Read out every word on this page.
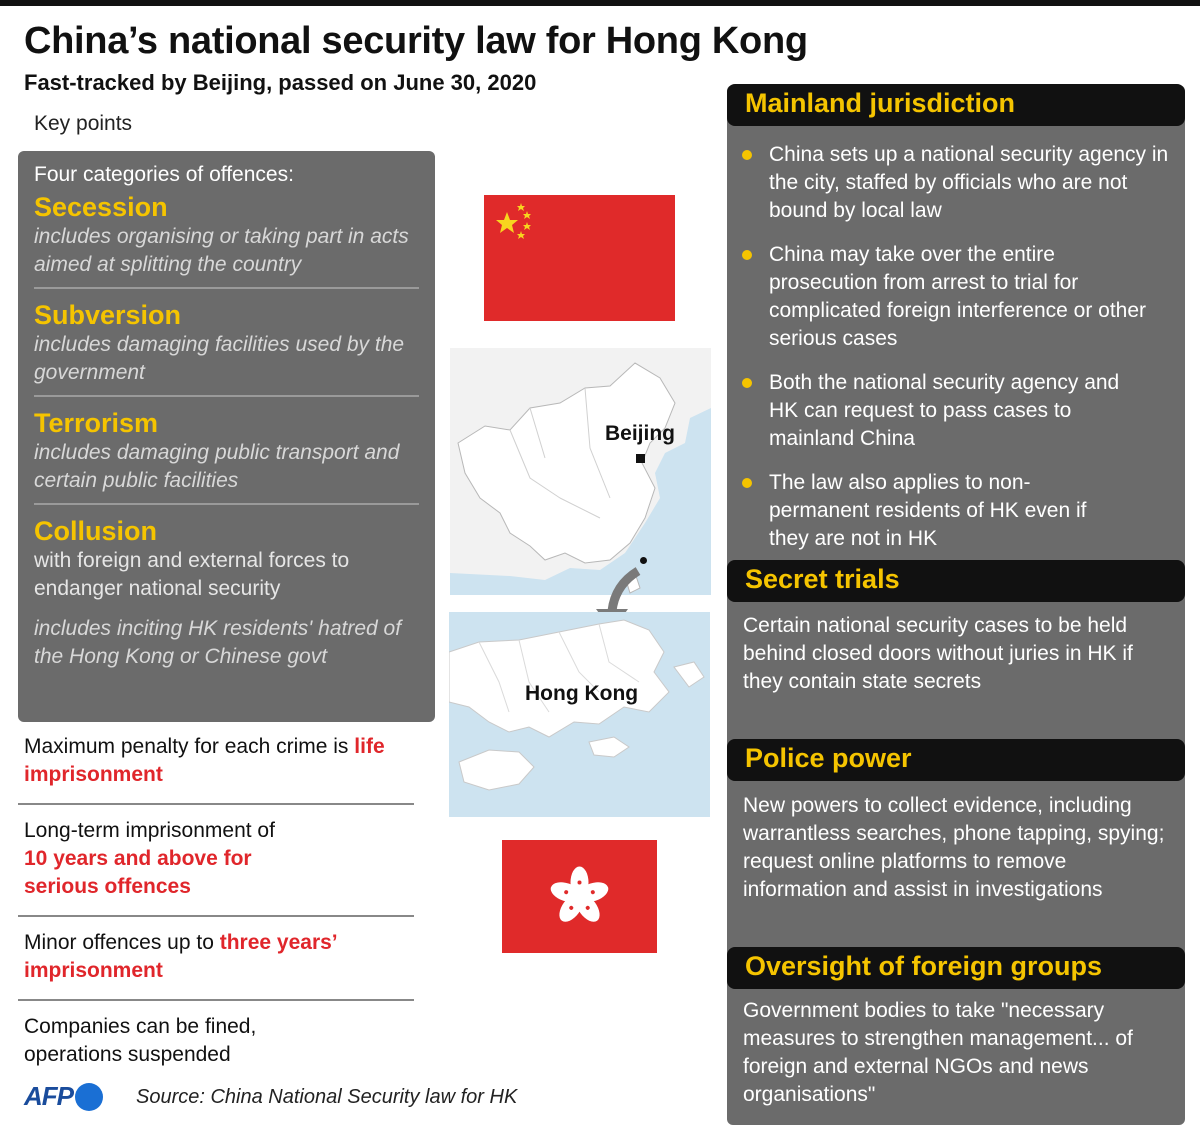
China’s national security law for Hong Kong
Fast-tracked by Beijing, passed on June 30, 2020
Key points
Four categories of offences:
Secession
includes organising or taking part in acts aimed at splitting the country
Subversion
includes damaging facilities used by the government
Terrorism
includes damaging public transport and certain public facilities
Collusion
with foreign and external forces to endanger national security
includes inciting HK residents' hatred of the Hong Kong or Chinese govt
Maximum penalty for each crime is life imprisonment
Long-term imprisonment of
10 years and above for serious offences
Minor offences up to three years’ imprisonment
Companies can be fined, operations suspended
AFP	Source: China National Security law for HK
Beijing
Hong Kong
Mainland jurisdiction
China sets up a national security agency in the city, staffed by officials who are not bound by local law
China may take over the entire prosecution from arrest to trial for complicated foreign interference or other serious cases
Both the national security agency and HK can request to pass cases to mainland China
The law also applies to non-permanent residents of HK even if they are not in HK
Secret trials
Certain national security cases to be held behind closed doors without juries in HK if they contain state secrets
Police power
New powers to collect evidence, including warrantless searches, phone tapping, spying; request online platforms to remove information and assist in investigations
Oversight of foreign groups
Government bodies to take "necessary measures to strengthen management... of foreign and external NGOs and news organisations"
